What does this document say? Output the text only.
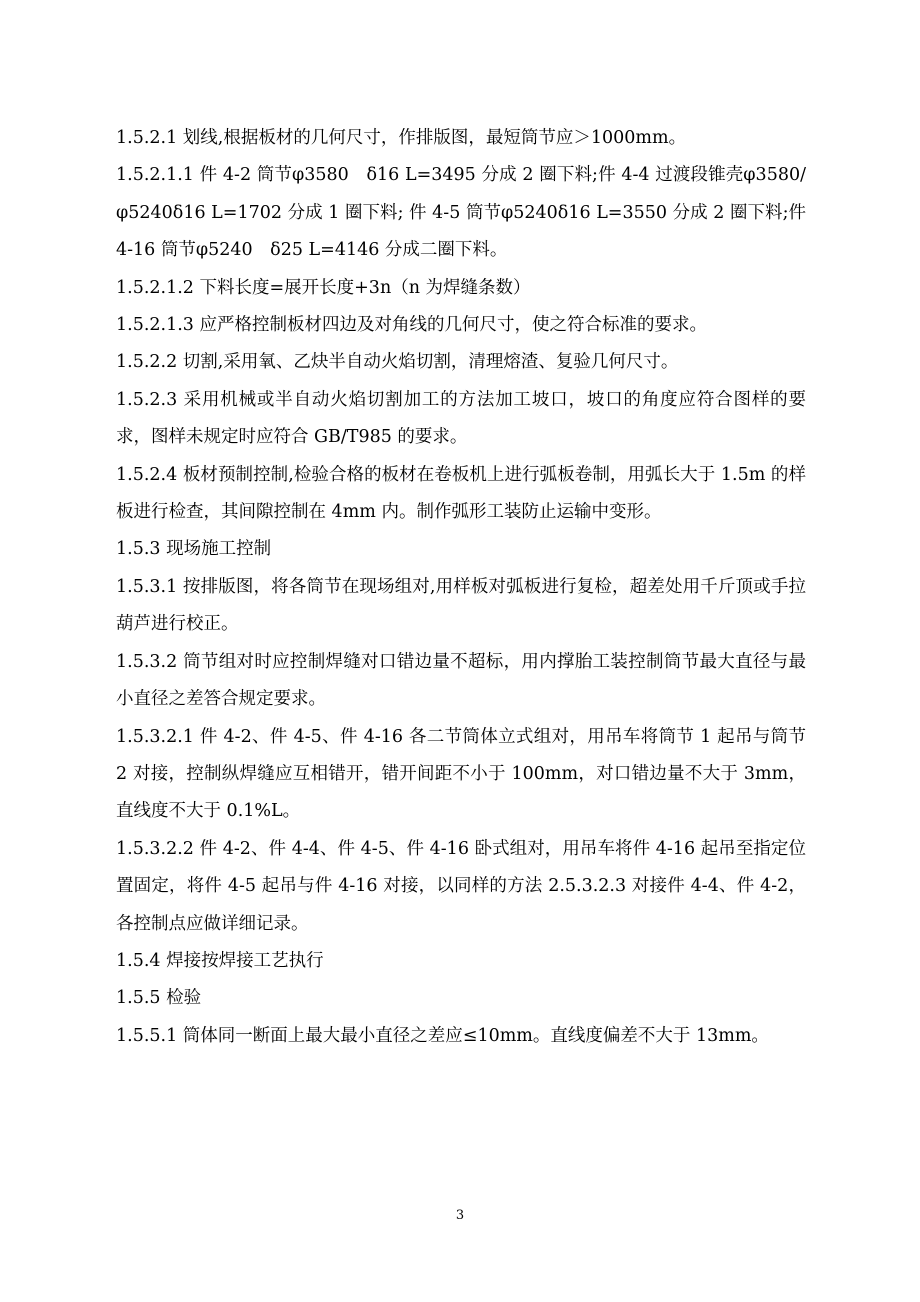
1.5.2.1 划线,根据板材的几何尺寸，作排版图，最短筒节应＞1000mm。

1.5.2.1.1 件 4-2 筒节φ3580　δ16 L=3495 分成 2 圈下料;件 4-4 过渡段锥壳φ3580/φ5240δ16 L=1702 分成 1 圈下料; 件 4-5 筒节φ5240δ16 L=3550 分成 2 圈下料;件 4-16 筒节φ5240　δ25 L=4146 分成二圈下料。

1.5.2.1.2 下料长度=展开长度+3n（n 为焊缝条数）

1.5.2.1.3 应严格控制板材四边及对角线的几何尺寸，使之符合标准的要求。

1.5.2.2 切割,采用氧、乙炔半自动火焰切割，清理熔渣、复验几何尺寸。

1.5.2.3 采用机械或半自动火焰切割加工的方法加工坡口，坡口的角度应符合图样的要求，图样未规定时应符合 GB/T985 的要求。

1.5.2.4 板材预制控制,检验合格的板材在卷板机上进行弧板卷制，用弧长大于 1.5m 的样板进行检查，其间隙控制在 4mm 内。制作弧形工装防止运输中变形。

1.5.3 现场施工控制

1.5.3.1 按排版图，将各筒节在现场组对,用样板对弧板进行复检，超差处用千斤顶或手拉葫芦进行校正。

1.5.3.2 筒节组对时应控制焊缝对口错边量不超标，用内撑胎工装控制筒节最大直径与最小直径之差答合规定要求。

1.5.3.2.1 件 4-2、件 4-5、件 4-16 各二节筒体立式组对，用吊车将筒节 1 起吊与筒节 2 对接，控制纵焊缝应互相错开，错开间距不小于 100mm，对口错边量不大于 3mm，直线度不大于 0.1%L。

1.5.3.2.2 件 4-2、件 4-4、件 4-5、件 4-16 卧式组对，用吊车将件 4-16 起吊至指定位置固定，将件 4-5 起吊与件 4-16 对接，以同样的方法 2.5.3.2.3 对接件 4-4、件 4-2，各控制点应做详细记录。

1.5.4 焊接按焊接工艺执行

1.5.5 检验

1.5.5.1 筒体同一断面上最大最小直径之差应≤10mm。直线度偏差不大于 13mm。

3
